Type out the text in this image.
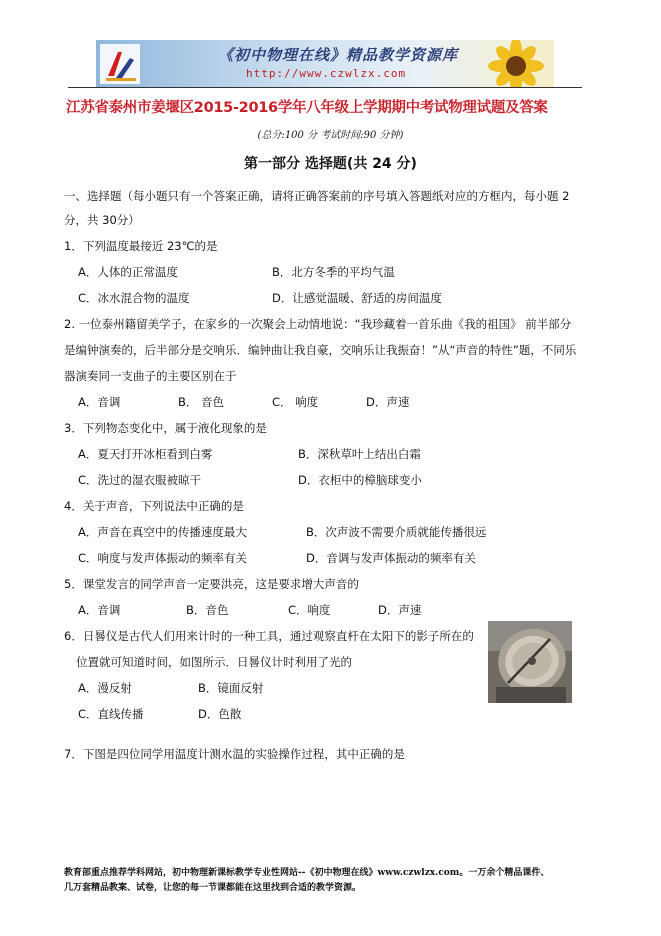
《初中物理在线》精品教学资源库
http://www.czwlzx.com
江苏省泰州市姜堰区2015-2016学年八年级上学期期中考试物理试题及答案
(总分:100 分 考试时间:90 分钟)
第一部分 选择题(共 24 分)
一、选择题（每小题只有一个答案正确，请将正确答案前的序号填入答题纸对应的方框内，每小题 2
分，共 30分）
1．下列温度最接近 23℃的是
A．人体的正常温度	B．北方冬季的平均气温
C．冰水混合物的温度	D．让感觉温暖、舒适的房间温度
2. 一位泰州籍留美学子，在家乡的一次聚会上动情地说：“我珍藏着一首乐曲《我的祖国》 前半部分
是编钟演奏的，后半部分是交响乐．编钟曲让我自豪，交响乐让我振奋！”从“声音的特性”题，不同乐
器演奏同一支曲子的主要区别在于
A．音调	B． 音色	C． 响度	D．声速
3．下列物态变化中，属于液化现象的是
A．夏天打开冰柜看到白雾	B．深秋草叶上结出白霜
C．洗过的湿衣服被晾干	D．衣柜中的樟脑球变小
4．关于声音，下列说法中正确的是
A．声音在真空中的传播速度最大	B．次声波不需要介质就能传播很远
C．响度与发声体振动的频率有关	D．音调与发声体振动的频率有关
5．课堂发言的同学声音一定要洪亮，这是要求增大声音的
A．音调	B．音色	C．响度	D．声速
6．日晷仪是古代人们用来计时的一种工具，通过观察直杆在太阳下的影子所在的
位置就可知道时间，如图所示．日晷仪计时利用了光的
A．漫反射	B．镜面反射
C．直线传播	D．色散
7．下图是四位同学用温度计测水温的实验操作过程，其中正确的是
教育部重点推荐学科网站，初中物理新课标教学专业性网站--《初中物理在线》www.czwlzx.com。一万余个精品课件、
几万套精品教案、试卷，让您的每一节课都能在这里找到合适的教学资源。
